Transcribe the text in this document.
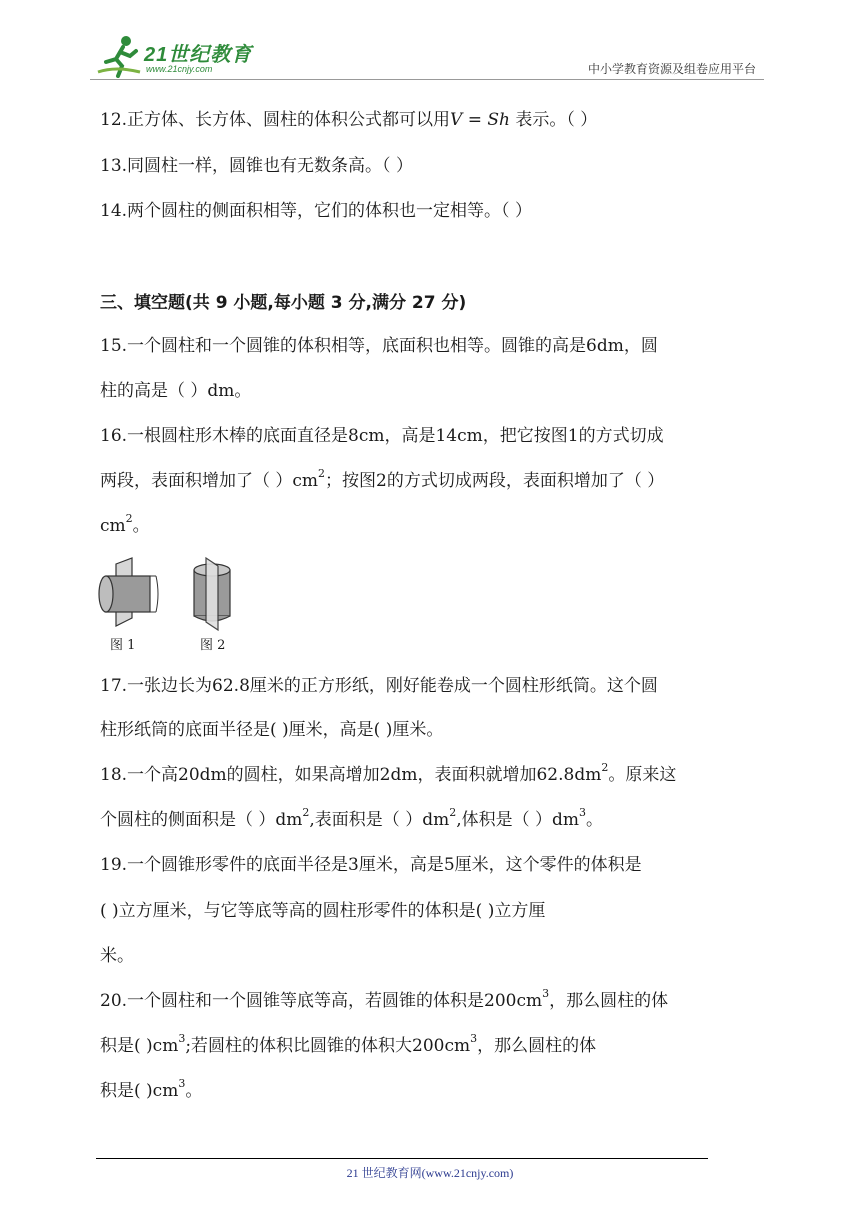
21世纪教育
www.21cnjy.com	中小学教育资源及组卷应用平台
12.正方体、长方体、圆柱的体积公式都可以用V = Sh 表示。（ ）
13.同圆柱一样，圆锥也有无数条高。（ ）
14.两个圆柱的侧面积相等，它们的体积也一定相等。（ ）
三、填空题(共 9 小题,每小题 3 分,满分 27 分)
15.一个圆柱和一个圆锥的体积相等，底面积也相等。圆锥的高是6dm，圆
柱的高是（ ）dm。
16.一根圆柱形木棒的底面直径是8cm，高是14cm，把它按图1的方式切成
两段，表面积增加了（ ）$cm^2$；按图2的方式切成两段，表面积增加了（ ）
$cm^2$。
图 1	图 2
17.一张边长为62.8厘米的正方形纸，刚好能卷成一个圆柱形纸筒。这个圆
柱形纸筒的底面半径是( )厘米，高是( )厘米。
18.一个高20dm的圆柱，如果高增加2dm，表面积就增加$62.8dm^2$。原来这
个圆柱的侧面积是（ ）$dm^2$,表面积是（ ）$dm^2$,体积是（ ）$dm^3$。
19.一个圆锥形零件的底面半径是3厘米，高是5厘米，这个零件的体积是
( )立方厘米，与它等底等高的圆柱形零件的体积是( )立方厘
米。
20.一个圆柱和一个圆锥等底等高，若圆锥的体积是$200cm^3$，那么圆柱的体
积是( )$cm^3$;若圆柱的体积比圆锥的体积大$200cm^3$，那么圆柱的体
积是( )$cm^3$。
21 世纪教育网(www.21cnjy.com)
